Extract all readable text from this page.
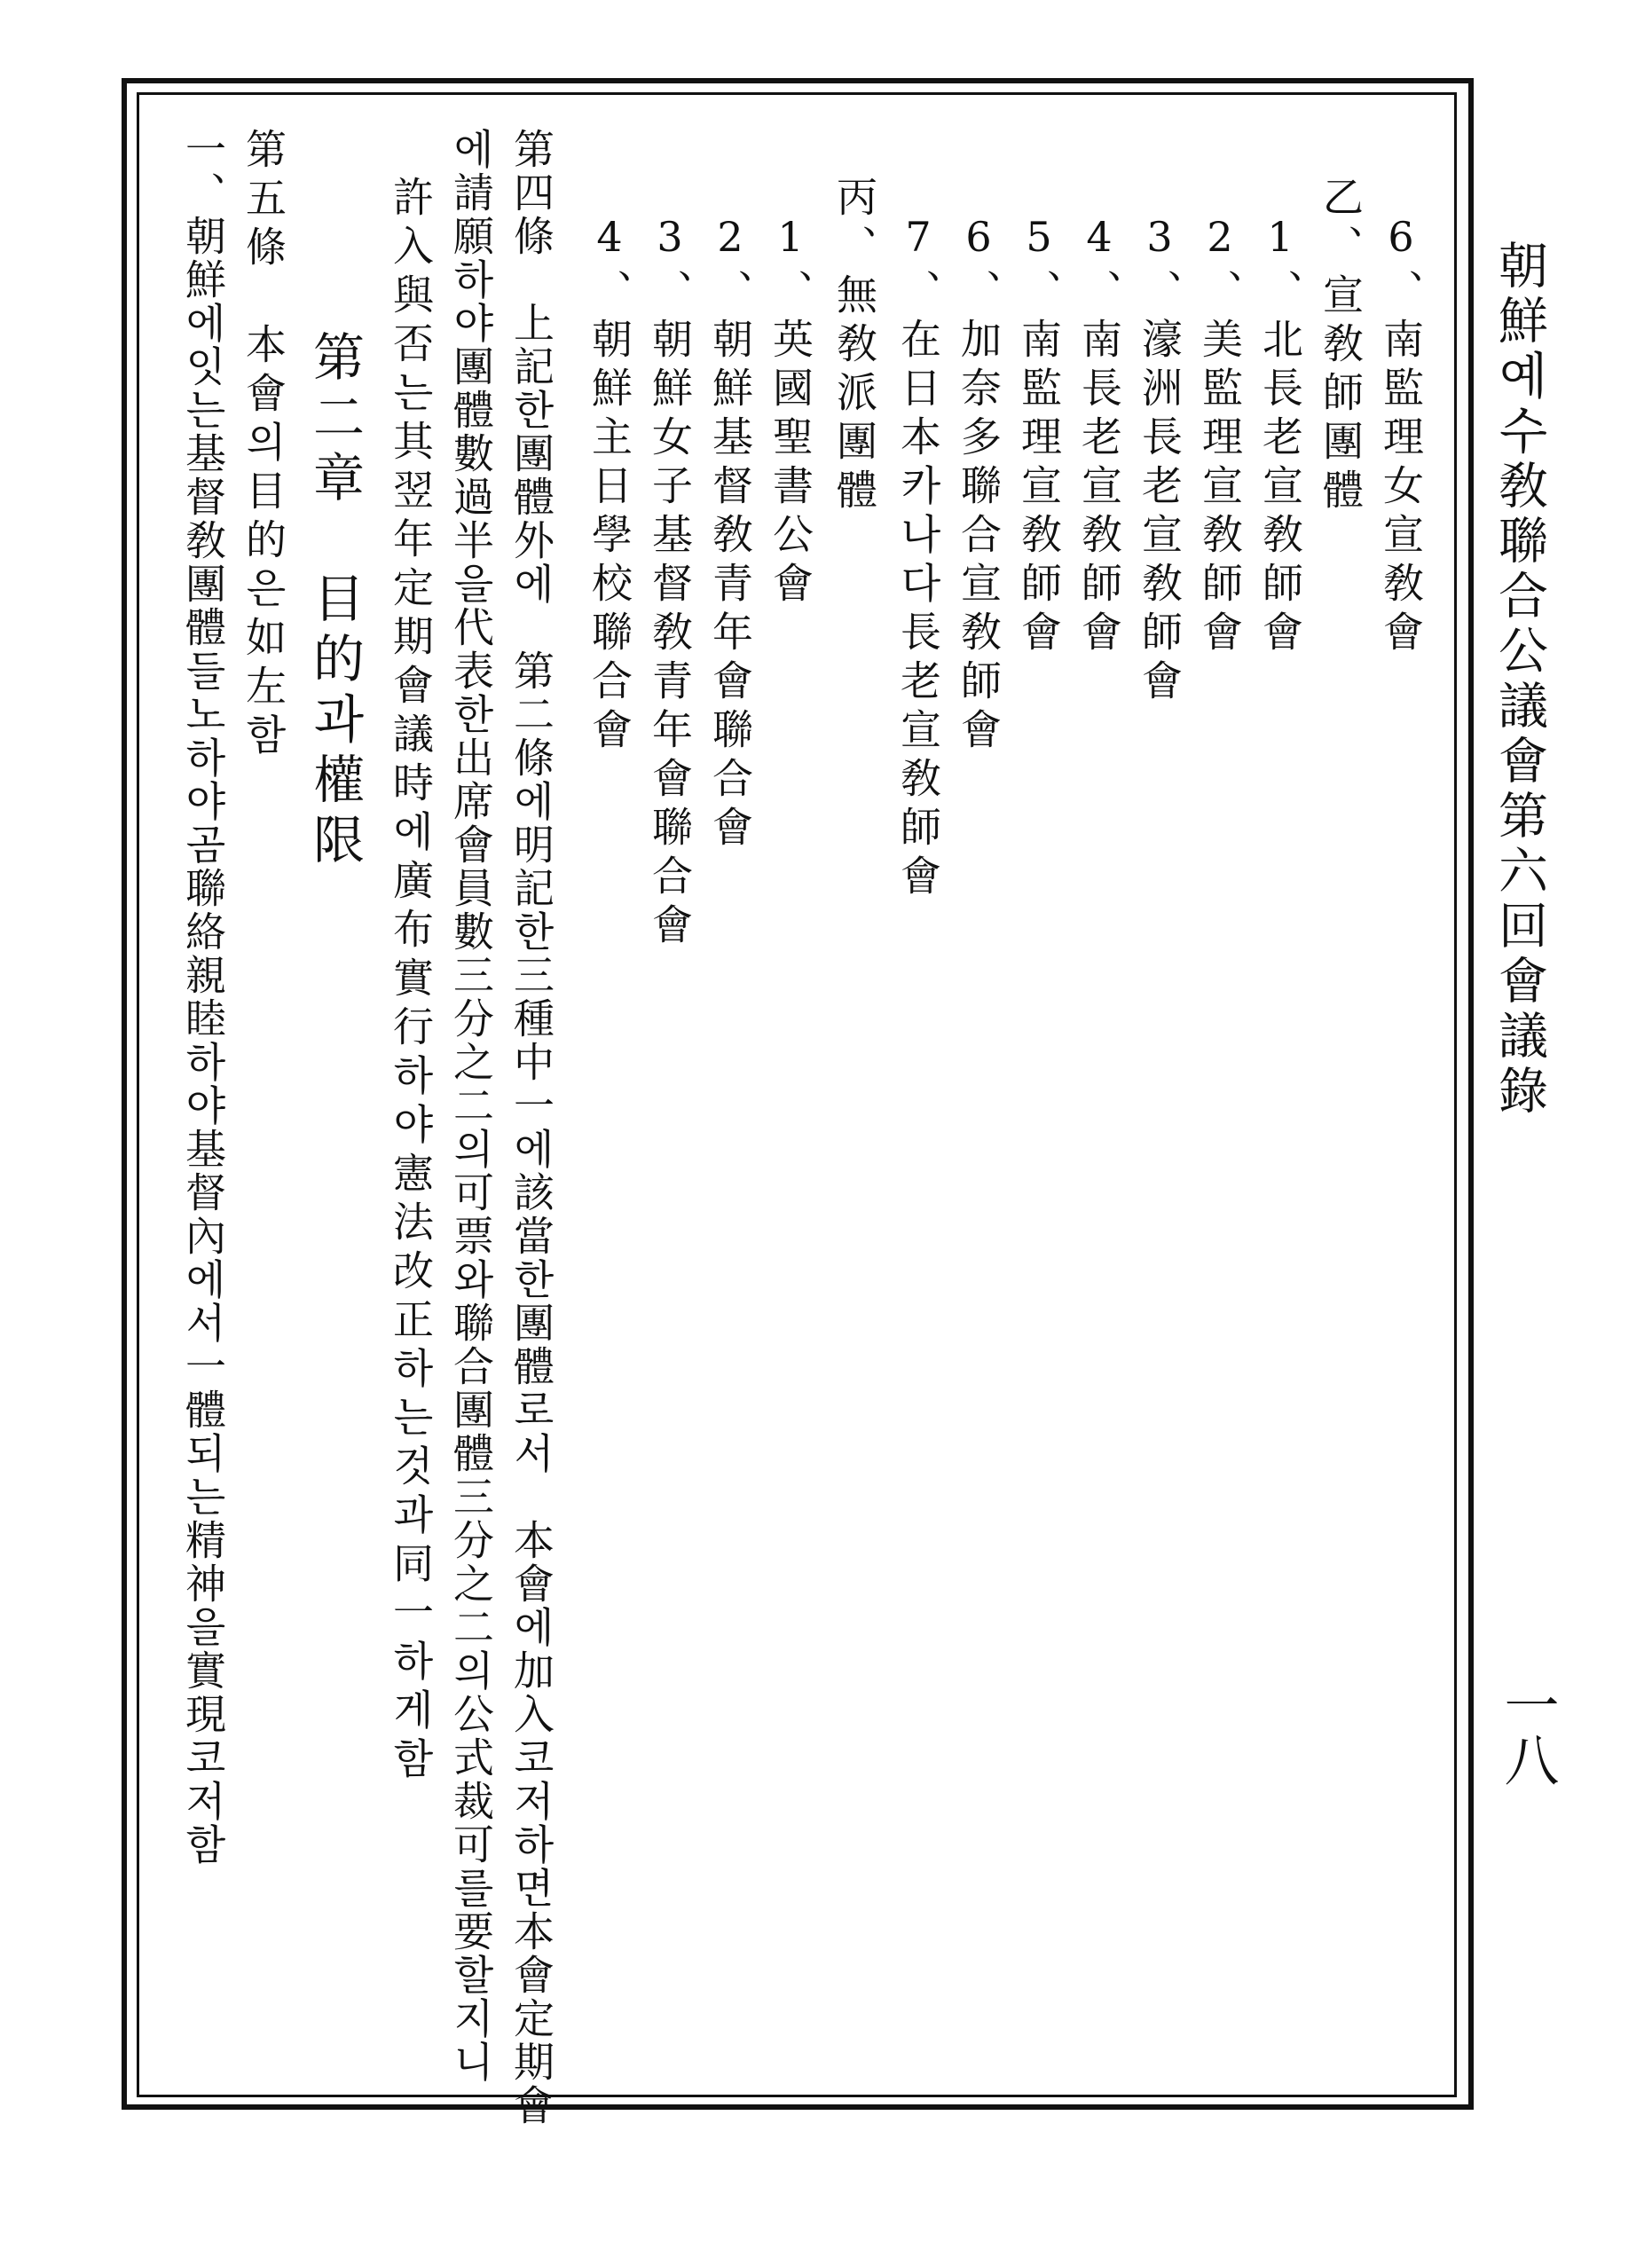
朝鮮예수敎聯合公議會第六回會議錄
一八
6、南監理女宣敎會
乙、宣敎師團體
1、北長老宣敎師會
2、美監理宣敎師會
3、濠洲長老宣敎師會
4、南長老宣敎師會
5、南監理宣敎師會
6、加奈多聯合宣敎師會
7、在日本카나다長老宣敎師會
丙、無敎派團體
1、英國聖書公會
2、朝鮮基督敎青年會聯合會
3、朝鮮女子基督敎青年會聯合會
4、朝鮮主日學校聯合會
第四條　上記한團體外에　第二條에明記한三種中一에該當한團體로서　本會에加入코저하면本會定期會
에請願하야團體數過半을代表한出席會員數三分之二의可票와聯合團體三分之二의公式裁可를要할지니
許入與否는其翌年定期會議時에廣布實行하야憲法改正하는것과同一하게함
第二章　目的과權限
第五條　本會의目的은如左함
一、朝鮮에잇는基督敎團體들노하야곰聯絡親睦하야基督內에서一體되는精神을實現코저함
